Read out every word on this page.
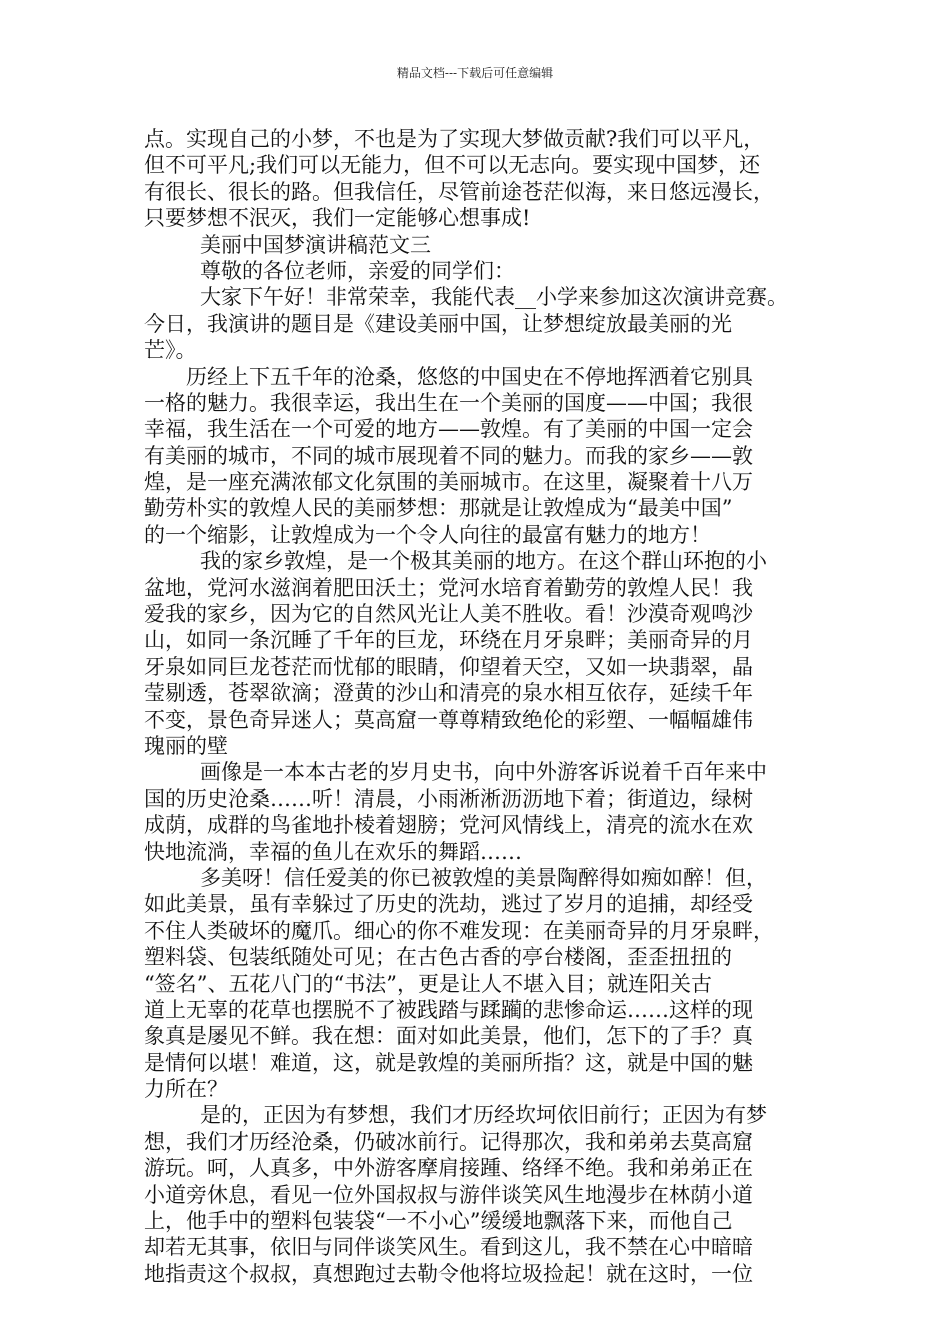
精品文档---下载后可任意编辑
点。实现自己的小梦，不也是为了实现大梦做贡献?我们可以平凡，
但不可平凡;我们可以无能力，但不可以无志向。要实现中国梦，还
有很长、很长的路。但我信任，尽管前途苍茫似海，来日悠远漫长，
只要梦想不泯灭，我们一定能够心想事成!
美丽中国梦演讲稿范文三
尊敬的各位老师，亲爱的同学们：
大家下午好！非常荣幸，我能代表__小学来参加这次演讲竞赛。
今日，我演讲的题目是《建设美丽中国，让梦想绽放最美丽的光
芒》。
历经上下五千年的沧桑，悠悠的中国史在不停地挥洒着它别具
一格的魅力。我很幸运，我出生在一个美丽的国度——中国；我很
幸福，我生活在一个可爱的地方——敦煌。有了美丽的中国一定会
有美丽的城市，不同的城市展现着不同的魅力。而我的家乡——敦
煌，是一座充满浓郁文化氛围的美丽城市。在这里，凝聚着十八万
勤劳朴实的敦煌人民的美丽梦想：那就是让敦煌成为“最美中国”
的一个缩影，让敦煌成为一个令人向往的最富有魅力的地方！
我的家乡敦煌，是一个极其美丽的地方。在这个群山环抱的小
盆地，党河水滋润着肥田沃土；党河水培育着勤劳的敦煌人民！我
爱我的家乡，因为它的自然风光让人美不胜收。看！沙漠奇观鸣沙
山，如同一条沉睡了千年的巨龙，环绕在月牙泉畔；美丽奇异的月
牙泉如同巨龙苍茫而忧郁的眼睛，仰望着天空，又如一块翡翠，晶
莹剔透，苍翠欲滴；澄黄的沙山和清亮的泉水相互依存，延续千年
不变，景色奇异迷人；莫高窟一尊尊精致绝伦的彩塑、一幅幅雄伟
瑰丽的壁
画像是一本本古老的岁月史书，向中外游客诉说着千百年来中
国的历史沧桑……听！清晨，小雨淅淅沥沥地下着；街道边，绿树
成荫，成群的鸟雀地扑棱着翅膀；党河风情线上，清亮的流水在欢
快地流淌，幸福的鱼儿在欢乐的舞蹈……
多美呀！信任爱美的你已被敦煌的美景陶醉得如痴如醉！但，
如此美景，虽有幸躲过了历史的洗劫，逃过了岁月的追捕，却经受
不住人类破坏的魔爪。细心的你不难发现：在美丽奇异的月牙泉畔，
塑料袋、包装纸随处可见；在古色古香的亭台楼阁，歪歪扭扭的
“签名”、五花八门的“书法”，更是让人不堪入目；就连阳关古
道上无辜的花草也摆脱不了被践踏与蹂躏的悲惨命运……这样的现
象真是屡见不鲜。我在想：面对如此美景，他们，怎下的了手？真
是情何以堪！难道，这，就是敦煌的美丽所指？这，就是中国的魅
力所在？
是的，正因为有梦想，我们才历经坎坷依旧前行；正因为有梦
想，我们才历经沧桑，仍破冰前行。记得那次，我和弟弟去莫高窟
游玩。呵，人真多，中外游客摩肩接踵、络绎不绝。我和弟弟正在
小道旁休息，看见一位外国叔叔与游伴谈笑风生地漫步在林荫小道
上，他手中的塑料包装袋“一不小心”缓缓地飘落下来，而他自己
却若无其事，依旧与同伴谈笑风生。看到这儿，我不禁在心中暗暗
地指责这个叔叔，真想跑过去勒令他将垃圾捡起！就在这时，一位
